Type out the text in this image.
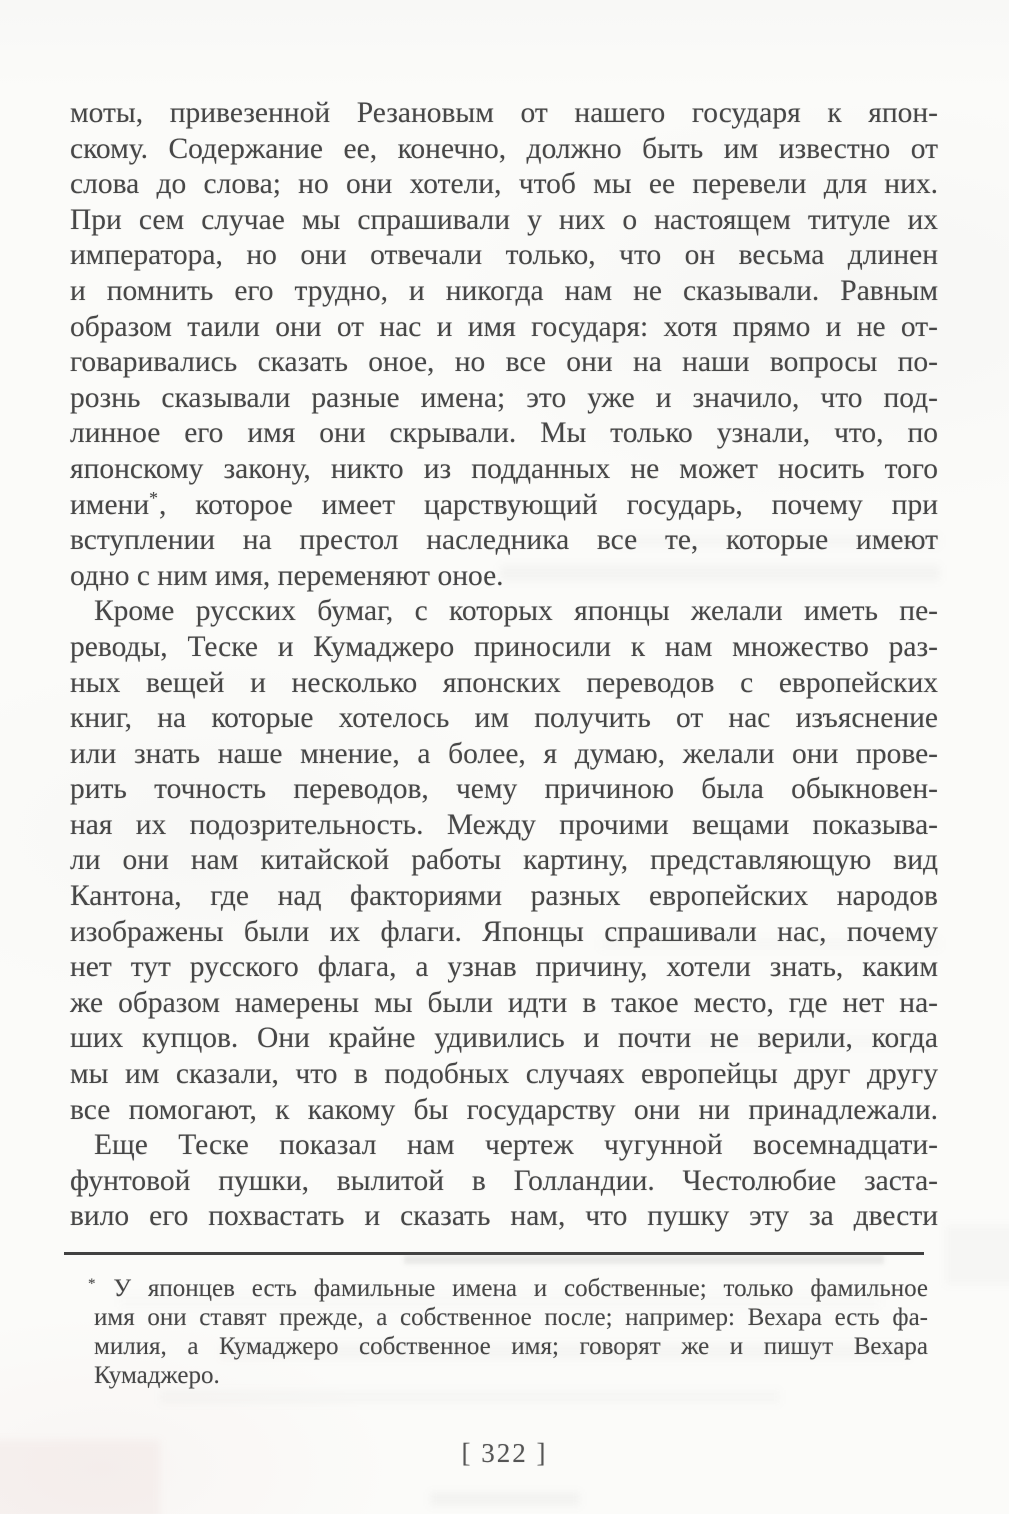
моты, привезенной Резановым от нашего государя к япон-
скому. Содержание ее, конечно, должно быть им известно от
слова до слова; но они хотели, чтоб мы ее перевели для них.
При сем случае мы спрашивали у них о настоящем титуле их
императора, но они отвечали только, что он весьма длинен
и помнить его трудно, и никогда нам не сказывали. Равным
образом таили они от нас и имя государя: хотя прямо и не от-
говаривались сказать оное, но все они на наши вопросы по-
рознь сказывали разные имена; это уже и значило, что под-
линное его имя они скрывали. Мы только узнали, что, по
японскому закону, никто из подданных не может носить того
имени*, которое имеет царствующий государь, почему при
вступлении на престол наследника все те, которые имеют
одно с ним имя, переменяют оное.
Кроме русских бумаг, с которых японцы желали иметь пе-
реводы, Теске и Кумаджеро приносили к нам множество раз-
ных вещей и несколько японских переводов с европейских
книг, на которые хотелось им получить от нас изъяснение
или знать наше мнение, а более, я думаю, желали они прове-
рить точность переводов, чему причиною была обыкновен-
ная их подозрительность. Между прочими вещами показыва-
ли они нам китайской работы картину, представляющую вид
Кантона, где над факториями разных европейских народов
изображены были их флаги. Японцы спрашивали нас, почему
нет тут русского флага, а узнав причину, хотели знать, каким
же образом намерены мы были идти в такое место, где нет на-
ших купцов. Они крайне удивились и почти не верили, когда
мы им сказали, что в подобных случаях европейцы друг другу
все помогают, к какому бы государству они ни принадлежали.
Еще Теске показал нам чертеж чугунной восемнадцати-
фунтовой пушки, вылитой в Голландии. Честолюбие заста-
вило его похвастать и сказать нам, что пушку эту за двести
* У японцев есть фамильные имена и собственные; только фамильное
имя они ставят прежде, а собственное после; например: Вехара есть фа-
милия, а Кумаджеро собственное имя; говорят же и пишут Вехара
Кумаджеро.
[ 322 ]
